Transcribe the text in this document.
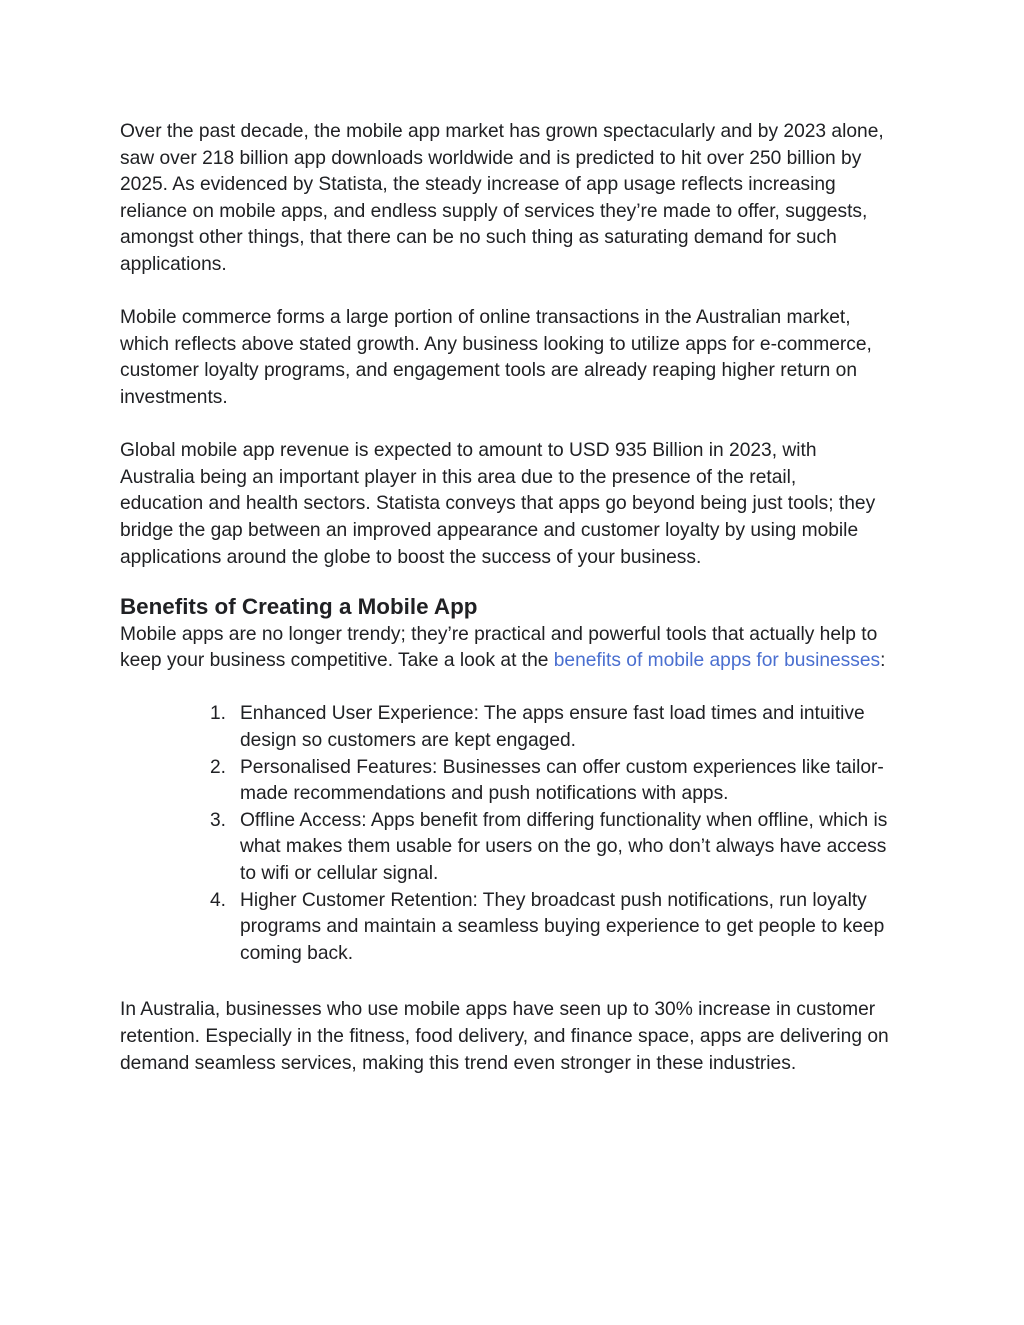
Over the past decade, the mobile app market has grown spectacularly and by 2023 alone, saw over 218 billion app downloads worldwide and is predicted to hit over 250 billion by 2025. As evidenced by Statista, the steady increase of app usage reflects increasing reliance on mobile apps, and endless supply of services they’re made to offer, suggests, amongst other things, that there can be no such thing as saturating demand for such applications.

Mobile commerce forms a large portion of online transactions in the Australian market, which reflects above stated growth. Any business looking to utilize apps for e-commerce, customer loyalty programs, and engagement tools are already reaping higher return on investments.

Global mobile app revenue is expected to amount to USD 935 Billion in 2023, with Australia being an important player in this area due to the presence of the retail, education and health sectors. Statista conveys that apps go beyond being just tools; they bridge the gap between an improved appearance and customer loyalty by using mobile applications around the globe to boost the success of your business.

Benefits of Creating a Mobile App

Mobile apps are no longer trendy; they’re practical and powerful tools that actually help to keep your business competitive. Take a look at the benefits of mobile apps for businesses:

1. Enhanced User Experience: The apps ensure fast load times and intuitive design so customers are kept engaged.
2. Personalised Features: Businesses can offer custom experiences like tailor-made recommendations and push notifications with apps.
3. Offline Access: Apps benefit from differing functionality when offline, which is what makes them usable for users on the go, who don’t always have access to wifi or cellular signal.
4. Higher Customer Retention: They broadcast push notifications, run loyalty programs and maintain a seamless buying experience to get people to keep coming back.

In Australia, businesses who use mobile apps have seen up to 30% increase in customer retention. Especially in the fitness, food delivery, and finance space, apps are delivering on demand seamless services, making this trend even stronger in these industries.
